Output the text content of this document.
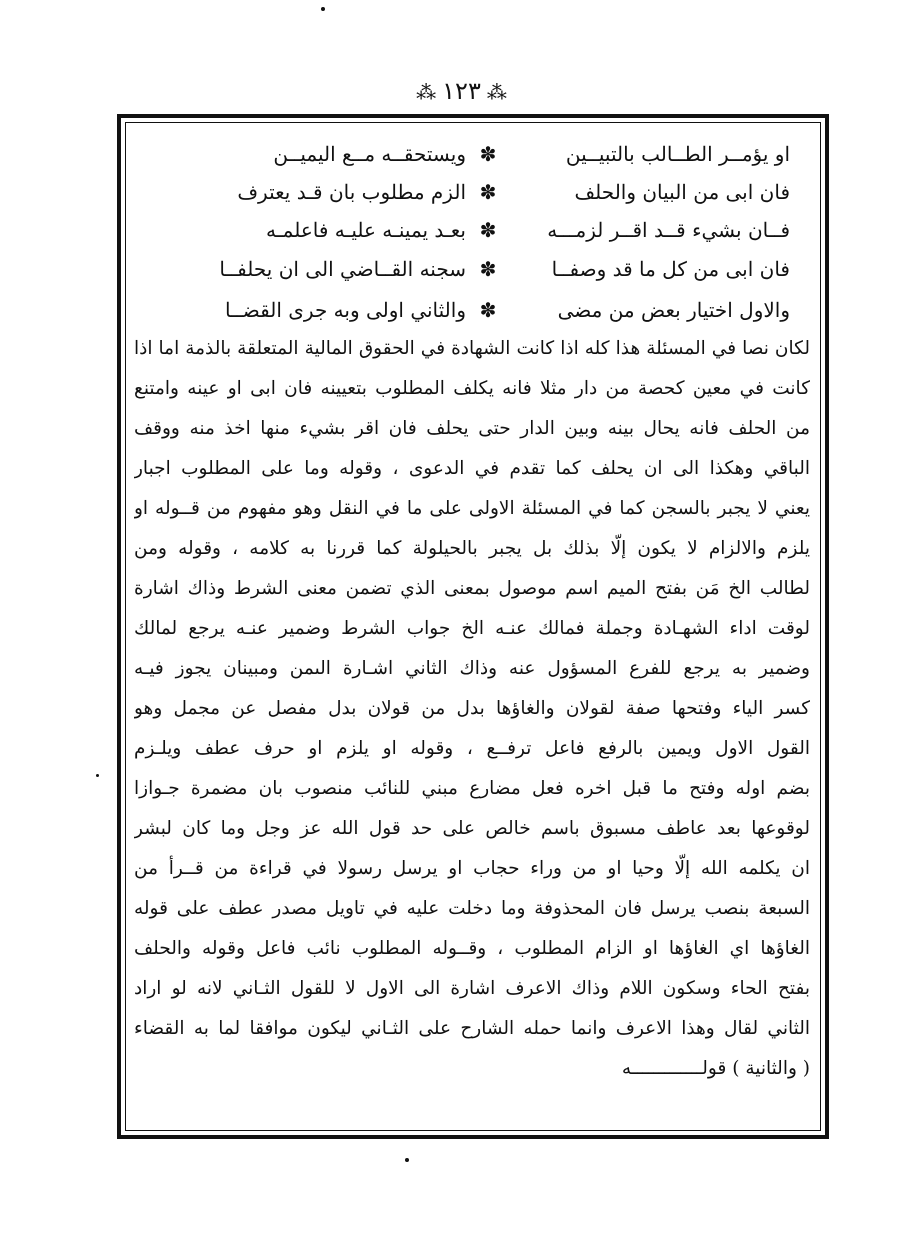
⁂١٢٣⁂
او يؤمــر الطــالب بالتبيــين
✽
ويستحقــه مــع اليميــن
فان ابى من البيان والحلف
✽
الزم مطلوب بان قـد يعترف
فــان بشيء قــد اقــر لزمـــه
✽
بعـد يمينـه عليـه فاعلمـه
فان ابى من كل ما قد وصفــا
✽
سجنه القــاضي الى ان يحلفــا
والاول اختيار بعض من مضى
✽
والثاني اولى وبه جرى القضــا
لكان نصا في المسئلة هذا كله اذا كانت الشهادة في الحقوق المالية المتعلقة بالذمة اما اذا
كانت في معين كحصة من دار مثلا فانه يكلف المطلوب بتعيينه فان ابى او عينه وامتنع
من الحلف فانه يحال بينه وبين الدار حتى يحلف فان اقر بشيء منها اخذ منه ووقف
الباقي وهكذا الى ان يحلف كما تقدم في الدعوى ، وقوله وما على المطلوب اجبار
يعني لا يجبر بالسجن كما في المسئلة الاولى على ما في النقل وهو مفهوم من قــوله او
يلزم والالزام لا يكون إلّا بذلك بل يجبر بالحيلولة كما قررنا به كلامه ، وقوله ومن
لطالب الخ مَن بفتح الميم اسم موصول بمعنى الذي تضمن معنى الشرط وذاك اشارة
لوقت اداء الشهـادة وجملة فمالك عنـه الخ جواب الشرط وضمير عنـه يرجع لمالك
وضمير به يرجع للفرع المسؤول عنه وذاك الثاني اشـارة الىمن ومبينان يجوز فيـه
كسر الياء وفتحها صفة لقولان والغاؤها بدل من قولان بدل مفصل عن مجمل وهو
القول الاول ويمين بالرفع فاعل ترفــع ، وقوله او يلزم او حرف عطف ويلـزم
بضم اوله وفتح ما قبل اخره فعل مضارع مبني للنائب منصوب بان مضمرة جـوازا
لوقوعها بعد عاطف مسبوق باسم خالص على حد قول الله عز وجل وما كان لبشر
ان يكلمه الله إلّا وحيا او من وراء حجاب او يرسل رسولا في قراءة من قــرأ من
السبعة بنصب يرسل فان المحذوفة وما دخلت عليه في تاويل مصدر عطف على قوله
الغاؤها اي الغاؤها او الزام المطلوب ، وقــوله المطلوب نائب فاعل وقوله والحلف
بفتح الحاء وسكون اللام وذاك الاعرف اشارة الى الاول لا للقول الثـاني لانه لو اراد
الثاني لقال وهذا الاعرف وانما حمله الشارح على الثـاني ليكون موافقا لما به القضاء
( والثانية ) قولـــــــــــــه
